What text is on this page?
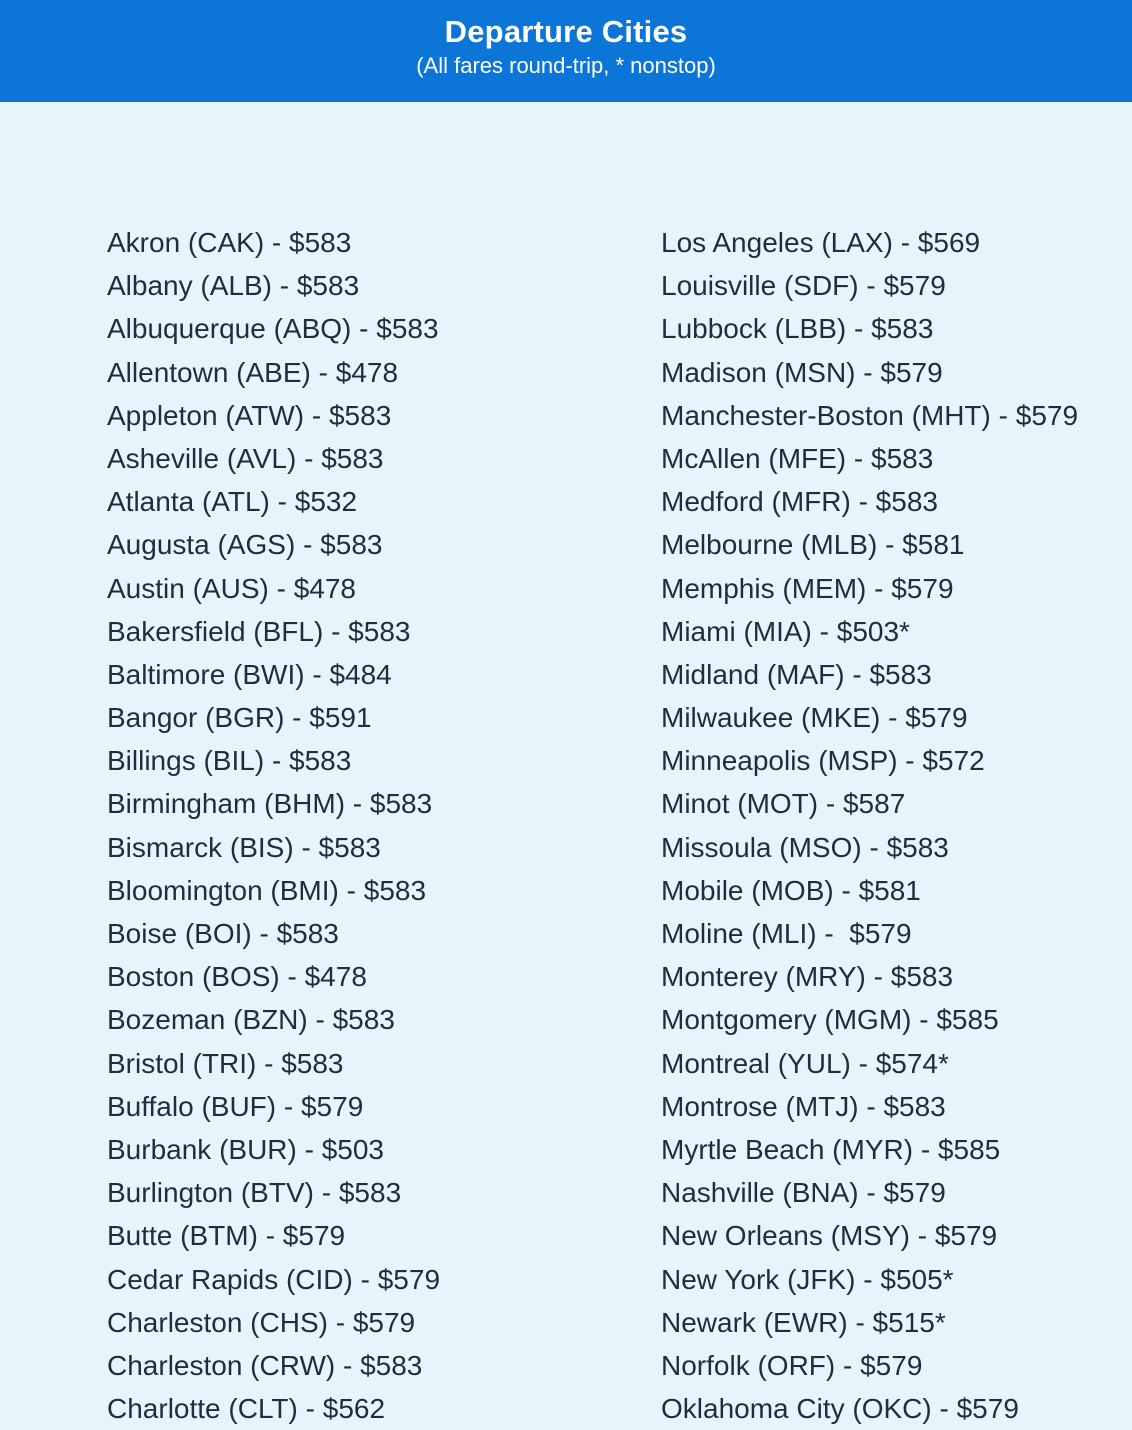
Departure Cities
(All fares round-trip, * nonstop)
Akron (CAK) - $583
Albany (ALB) - $583
Albuquerque (ABQ) - $583
Allentown (ABE) - $478
Appleton (ATW) - $583
Asheville (AVL) - $583
Atlanta (ATL) - $532
Augusta (AGS) - $583
Austin (AUS) - $478
Bakersfield (BFL) - $583
Baltimore (BWI) - $484
Bangor (BGR) - $591
Billings (BIL) - $583
Birmingham (BHM) - $583
Bismarck (BIS) - $583
Bloomington (BMI) - $583
Boise (BOI) - $583
Boston (BOS) - $478
Bozeman (BZN) - $583
Bristol (TRI) - $583
Buffalo (BUF) - $579
Burbank (BUR) - $503
Burlington (BTV) - $583
Butte (BTM) - $579
Cedar Rapids (CID) - $579
Charleston (CHS) - $579
Charleston (CRW) - $583
Charlotte (CLT) - $562
Los Angeles (LAX) - $569
Louisville (SDF) - $579
Lubbock (LBB) - $583
Madison (MSN) - $579
Manchester-Boston (MHT) - $579
McAllen (MFE) - $583
Medford (MFR) - $583
Melbourne (MLB) - $581
Memphis (MEM) - $579
Miami (MIA) - $503*
Midland (MAF) - $583
Milwaukee (MKE) - $579
Minneapolis (MSP) - $572
Minot (MOT) - $587
Missoula (MSO) - $583
Mobile (MOB) - $581
Moline (MLI) -  $579
Monterey (MRY) - $583
Montgomery (MGM) - $585
Montreal (YUL) - $574*
Montrose (MTJ) - $583
Myrtle Beach (MYR) - $585
Nashville (BNA) - $579
New Orleans (MSY) - $579
New York (JFK) - $505*
Newark (EWR) - $515*
Norfolk (ORF) - $579
Oklahoma City (OKC) - $579
